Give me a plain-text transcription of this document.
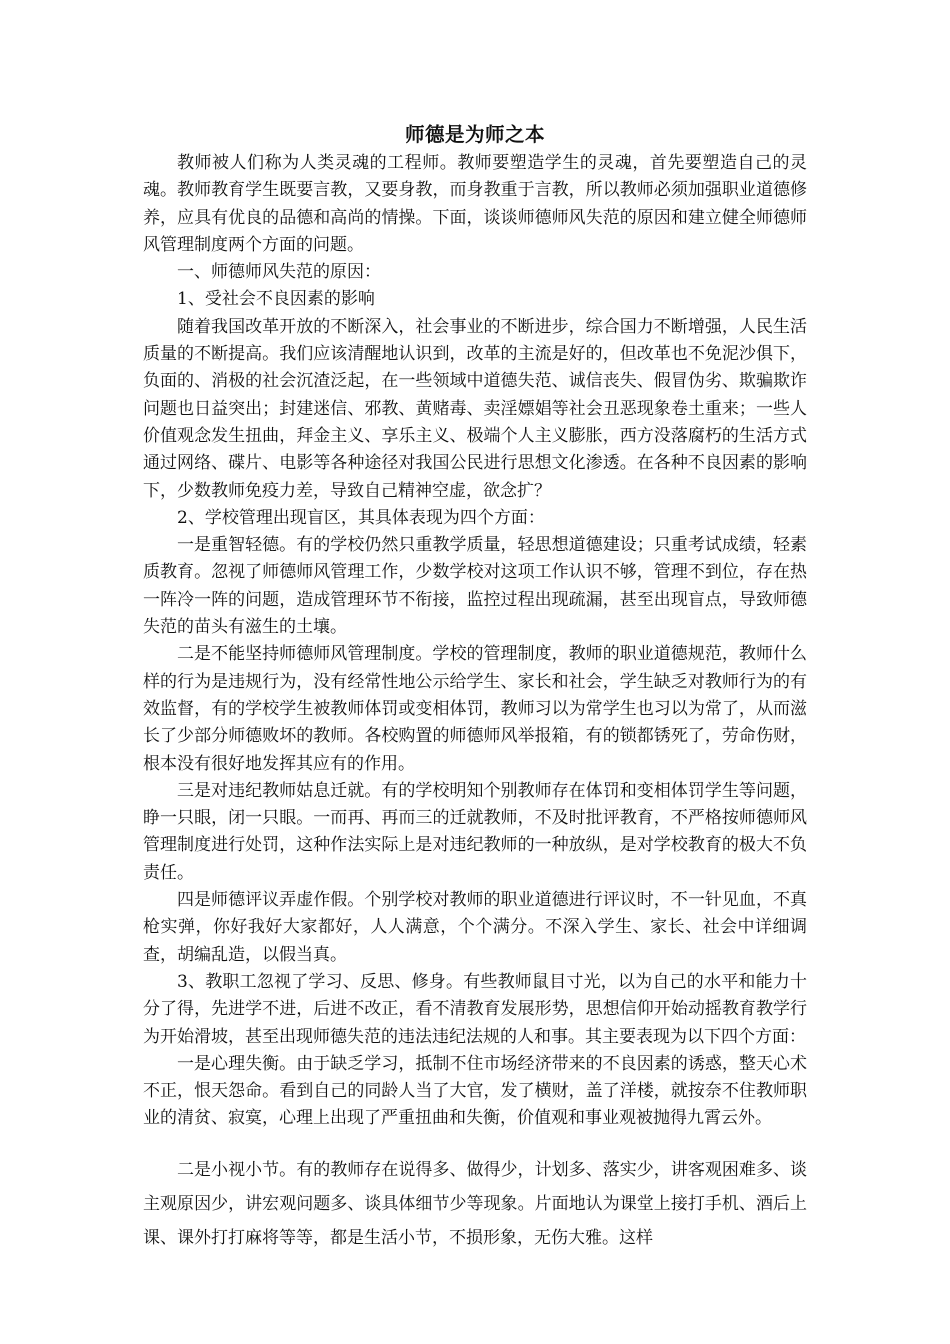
师德是为师之本

教师被人们称为人类灵魂的工程师。教师要塑造学生的灵魂，首先要塑造自己的灵魂。教师教育学生既要言教，又要身教，而身教重于言教，所以教师必须加强职业道德修养，应具有优良的品德和高尚的情操。下面，谈谈师德师风失范的原因和建立健全师德师风管理制度两个方面的问题。

一、师德师风失范的原因：

1、受社会不良因素的影响

随着我国改革开放的不断深入，社会事业的不断进步，综合国力不断增强，人民生活质量的不断提高。我们应该清醒地认识到，改革的主流是好的，但改革也不免泥沙俱下，负面的、消极的社会沉渣泛起，在一些领域中道德失范、诚信丧失、假冒伪劣、欺骗欺诈问题也日益突出；封建迷信、邪教、黄赌毒、卖淫嫖娼等社会丑恶现象卷土重来；一些人价值观念发生扭曲，拜金主义、享乐主义、极端个人主义膨胀，西方没落腐朽的生活方式通过网络、碟片、电影等各种途径对我国公民进行思想文化渗透。在各种不良因素的影响下，少数教师免疫力差，导致自己精神空虚，欲念扩？

2、学校管理出现盲区，其具体表现为四个方面：

一是重智轻德。有的学校仍然只重教学质量，轻思想道德建设；只重考试成绩，轻素质教育。忽视了师德师风管理工作，少数学校对这项工作认识不够，管理不到位，存在热一阵冷一阵的问题，造成管理环节不衔接，监控过程出现疏漏，甚至出现盲点，导致师德失范的苗头有滋生的土壤。

二是不能坚持师德师风管理制度。学校的管理制度，教师的职业道德规范，教师什么样的行为是违规行为，没有经常性地公示给学生、家长和社会，学生缺乏对教师行为的有效监督，有的学校学生被教师体罚或变相体罚，教师习以为常学生也习以为常了，从而滋长了少部分师德败坏的教师。各校购置的师德师风举报箱，有的锁都锈死了，劳命伤财，根本没有很好地发挥其应有的作用。

三是对违纪教师姑息迁就。有的学校明知个别教师存在体罚和变相体罚学生等问题，睁一只眼，闭一只眼。一而再、再而三的迁就教师，不及时批评教育，不严格按师德师风管理制度进行处罚，这种作法实际上是对违纪教师的一种放纵，是对学校教育的极大不负责任。

四是师德评议弄虚作假。个别学校对教师的职业道德进行评议时，不一针见血，不真枪实弹，你好我好大家都好，人人满意，个个满分。不深入学生、家长、社会中详细调查，胡编乱造，以假当真。

3、教职工忽视了学习、反思、修身。有些教师鼠目寸光，以为自己的水平和能力十分了得，先进学不进，后进不改正，看不清教育发展形势，思想信仰开始动摇教育教学行为开始滑坡，甚至出现师德失范的违法违纪法规的人和事。其主要表现为以下四个方面：

一是心理失衡。由于缺乏学习，抵制不住市场经济带来的不良因素的诱惑，整天心术不正，恨天怨命。看到自己的同龄人当了大官，发了横财，盖了洋楼，就按奈不住教师职业的清贫、寂寞，心理上出现了严重扭曲和失衡，价值观和事业观被抛得九霄云外。

二是小视小节。有的教师存在说得多、做得少，计划多、落实少，讲客观困难多、谈主观原因少，讲宏观问题多、谈具体细节少等现象。片面地认为课堂上接打手机、酒后上课、课外打打麻将等等，都是生活小节，不损形象，无伤大雅。这样
